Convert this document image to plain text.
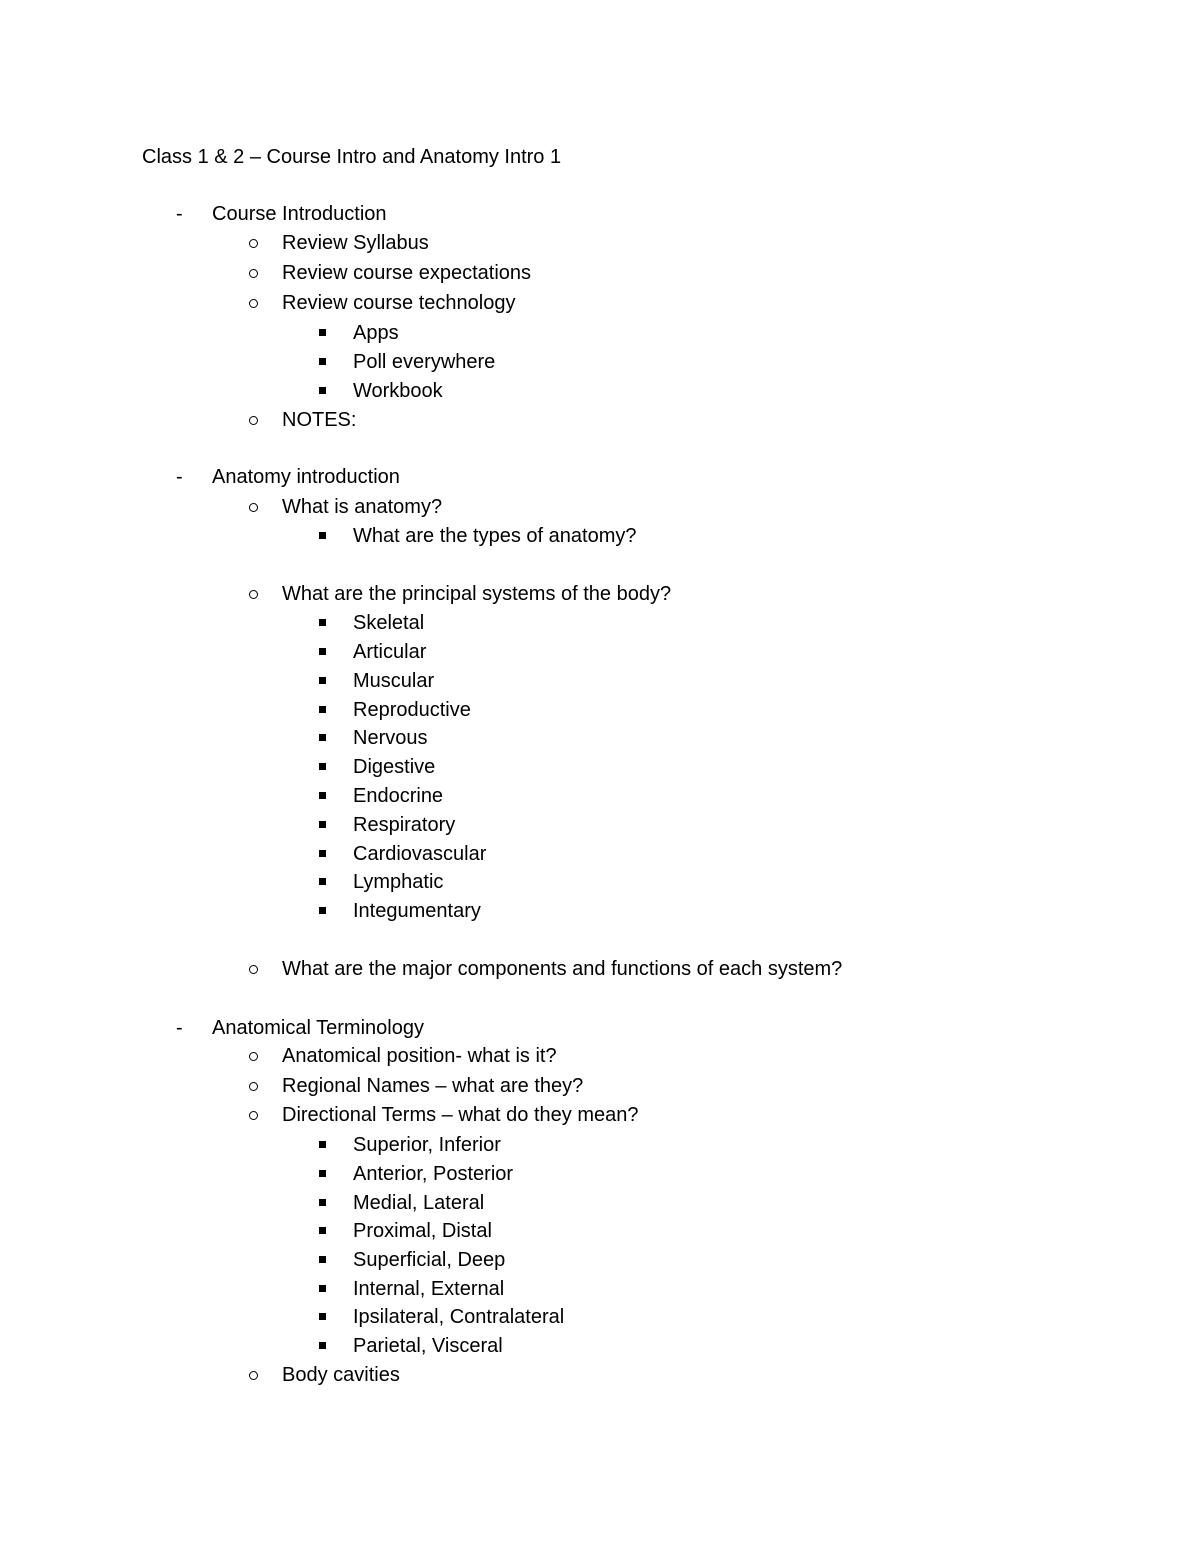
Class 1 & 2 – Course Intro and Anatomy Intro 1
-
Course Introduction
Review Syllabus
Review course expectations
Review course technology
Apps
Poll everywhere
Workbook
NOTES:
-
Anatomy introduction
What is anatomy?
What are the types of anatomy?
What are the principal systems of the body?
Skeletal
Articular
Muscular
Reproductive
Nervous
Digestive
Endocrine
Respiratory
Cardiovascular
Lymphatic
Integumentary
What are the major components and functions of each system?
-
Anatomical Terminology
Anatomical position- what is it?
Regional Names – what are they?
Directional Terms – what do they mean?
Superior, Inferior
Anterior, Posterior
Medial, Lateral
Proximal, Distal
Superficial, Deep
Internal, External
Ipsilateral, Contralateral
Parietal, Visceral
Body cavities
